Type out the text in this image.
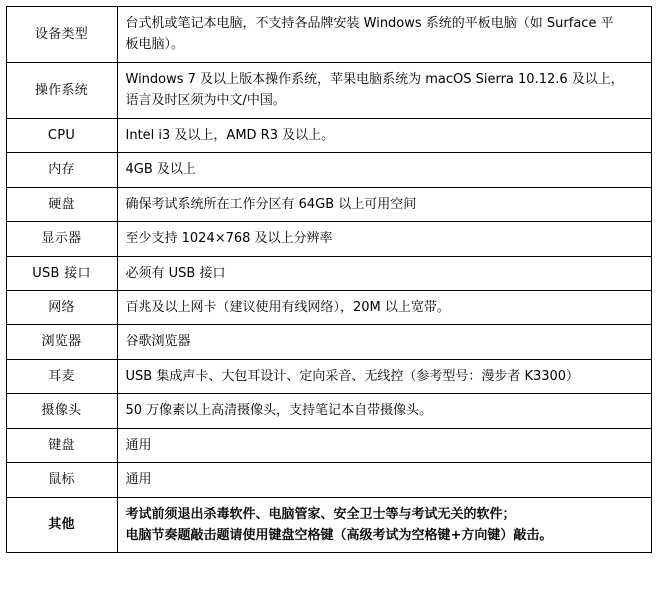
设备类型	台式机或笔记本电脑，不支持各品牌安装 Windows 系统的平板电脑（如 Surface 平
板电脑）。

操作系统	Windows 7 及以上版本操作系统，苹果电脑系统为 macOS Sierra 10.12.6 及以上，
语言及时区须为中文/中国。

CPU	Intel i3 及以上，AMD R3 及以上。

内存	4GB 及以上

硬盘	确保考试系统所在工作分区有 64GB 以上可用空间

显示器	至少支持 1024×768 及以上分辨率

USB 接口	必须有 USB 接口

网络	百兆及以上网卡（建议使用有线网络），20M 以上宽带。

浏览器	谷歌浏览器

耳麦	USB 集成声卡、大包耳设计、定向采音、无线控（参考型号：漫步者 K3300）

摄像头	50 万像素以上高清摄像头，支持笔记本自带摄像头。

键盘	通用

鼠标	通用

其他	考试前须退出杀毒软件、电脑管家、安全卫士等与考试无关的软件；
电脑节奏题敲击题请使用键盘空格键（高级考试为空格键+方向键）敲击。
